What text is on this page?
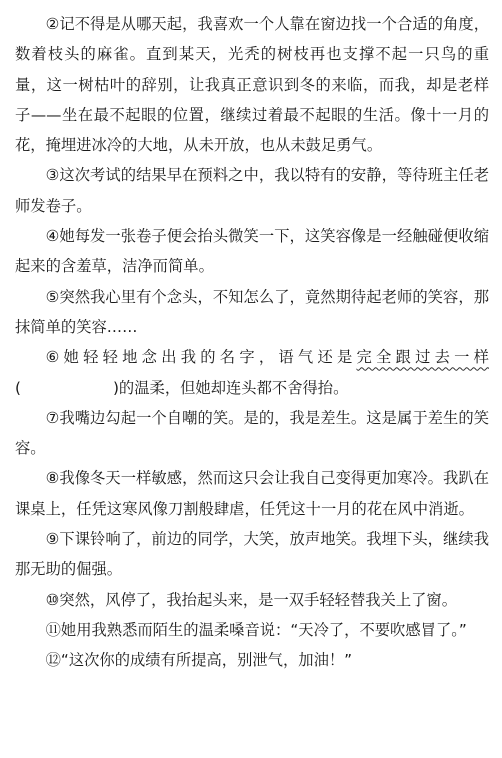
②记不得是从哪天起，我喜欢一个人靠在窗边找一个合适的角度，数着枝头的麻雀。直到某天，光秃的树枝再也支撑不起一只鸟的重量，这一树枯叶的辞别，让我真正意识到冬的来临，而我，却是老样子——坐在最不起眼的位置，继续过着最不起眼的生活。像十一月的花，掩埋进冰冷的大地，从未开放，也从未鼓足勇气。

③这次考试的结果早在预料之中，我以特有的安静，等待班主任老师发卷子。

④她每发一张卷子便会抬头微笑一下，这笑容像是一经触碰便收缩起来的含羞草，洁净而简单。

⑤突然我心里有个念头，不知怎么了，竟然期待起老师的笑容，那抹简单的笑容……

⑥她轻轻地念出我的名字，语气还是完全跟过去一样

(	)的温柔，但她却连头都不舍得抬。

⑦我嘴边勾起一个自嘲的笑。是的，我是差生。这是属于差生的笑容。

⑧我像冬天一样敏感，然而这只会让我自己变得更加寒冷。我趴在课桌上，任凭这寒风像刀割般肆虐，任凭这十一月的花在风中消逝。

⑨下课铃响了，前边的同学，大笑，放声地笑。我埋下头，继续我那无助的倔强。

⑩突然，风停了，我抬起头来，是一双手轻轻替我关上了窗。

⑪她用我熟悉而陌生的温柔嗓音说：“天冷了，不要吹感冒了。”

⑫“这次你的成绩有所提高，别泄气，加油！”
